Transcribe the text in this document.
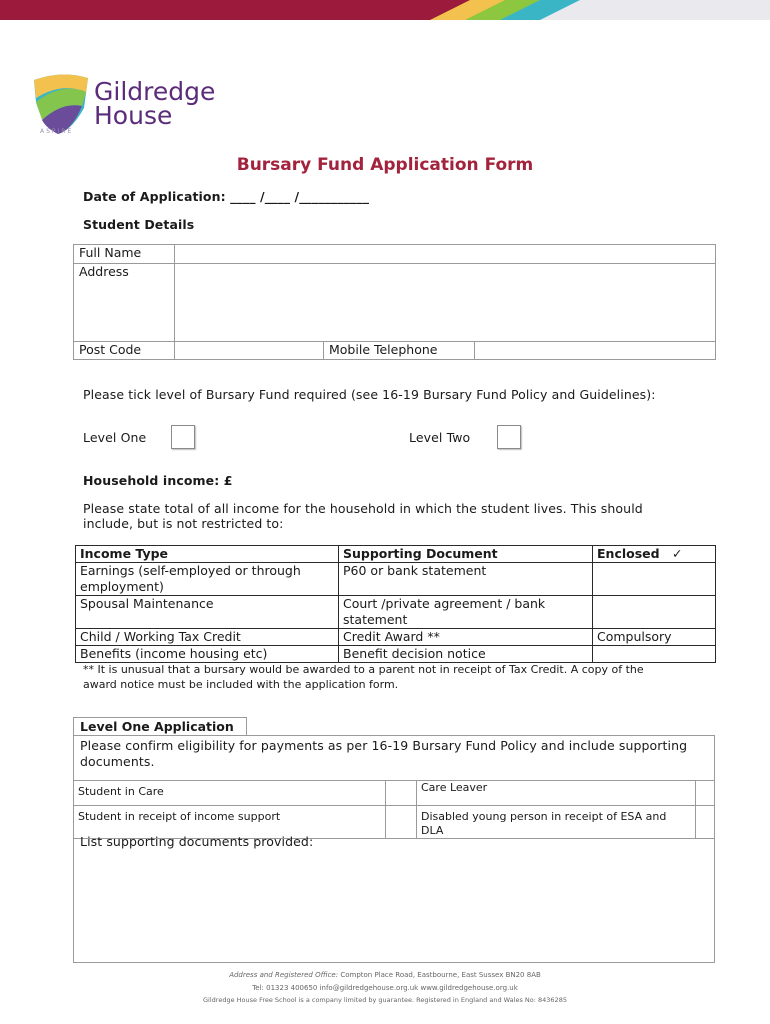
Gildredge
House
ASPIRE
Bursary Fund Application Form
Date of Application: ____ /____ /___________
Student Details
Full Name			
Address			
Post Code		Mobile Telephone	
Please tick level of Bursary Fund required (see 16-19 Bursary Fund Policy and Guidelines):
Level One	Level Two
Household income: £
Please state total of all income for the household in which the student lives. This should
include, but is not restricted to:
Income Type	Supporting Document	Enclosed ✓
Earnings (self-employed or through employment)	P60 or bank statement	
Spousal Maintenance	Court /private agreement / bank statement	
Child / Working Tax Credit	Credit Award **	Compulsory
Benefits (income housing etc)	Benefit decision notice	
** It is unusual that a bursary would be awarded to a parent not in receipt of Tax Credit. A copy of the
award notice must be included with the application form.
Level One Application
Please confirm eligibility for payments as per 16-19 Bursary Fund Policy and include supporting
documents.
Student in Care		Care Leaver	
Student in receipt of income support		Disabled young person in receipt of ESA and DLA	
List supporting documents provided:
Address and Registered Office: Compton Place Road, Eastbourne, East Sussex BN20 8AB
Tel: 01323 400650 info@gildredgehouse.org.uk www.gildredgehouse.org.uk
Gildredge House Free School is a company limited by guarantee. Registered in England and Wales No: 8436285
